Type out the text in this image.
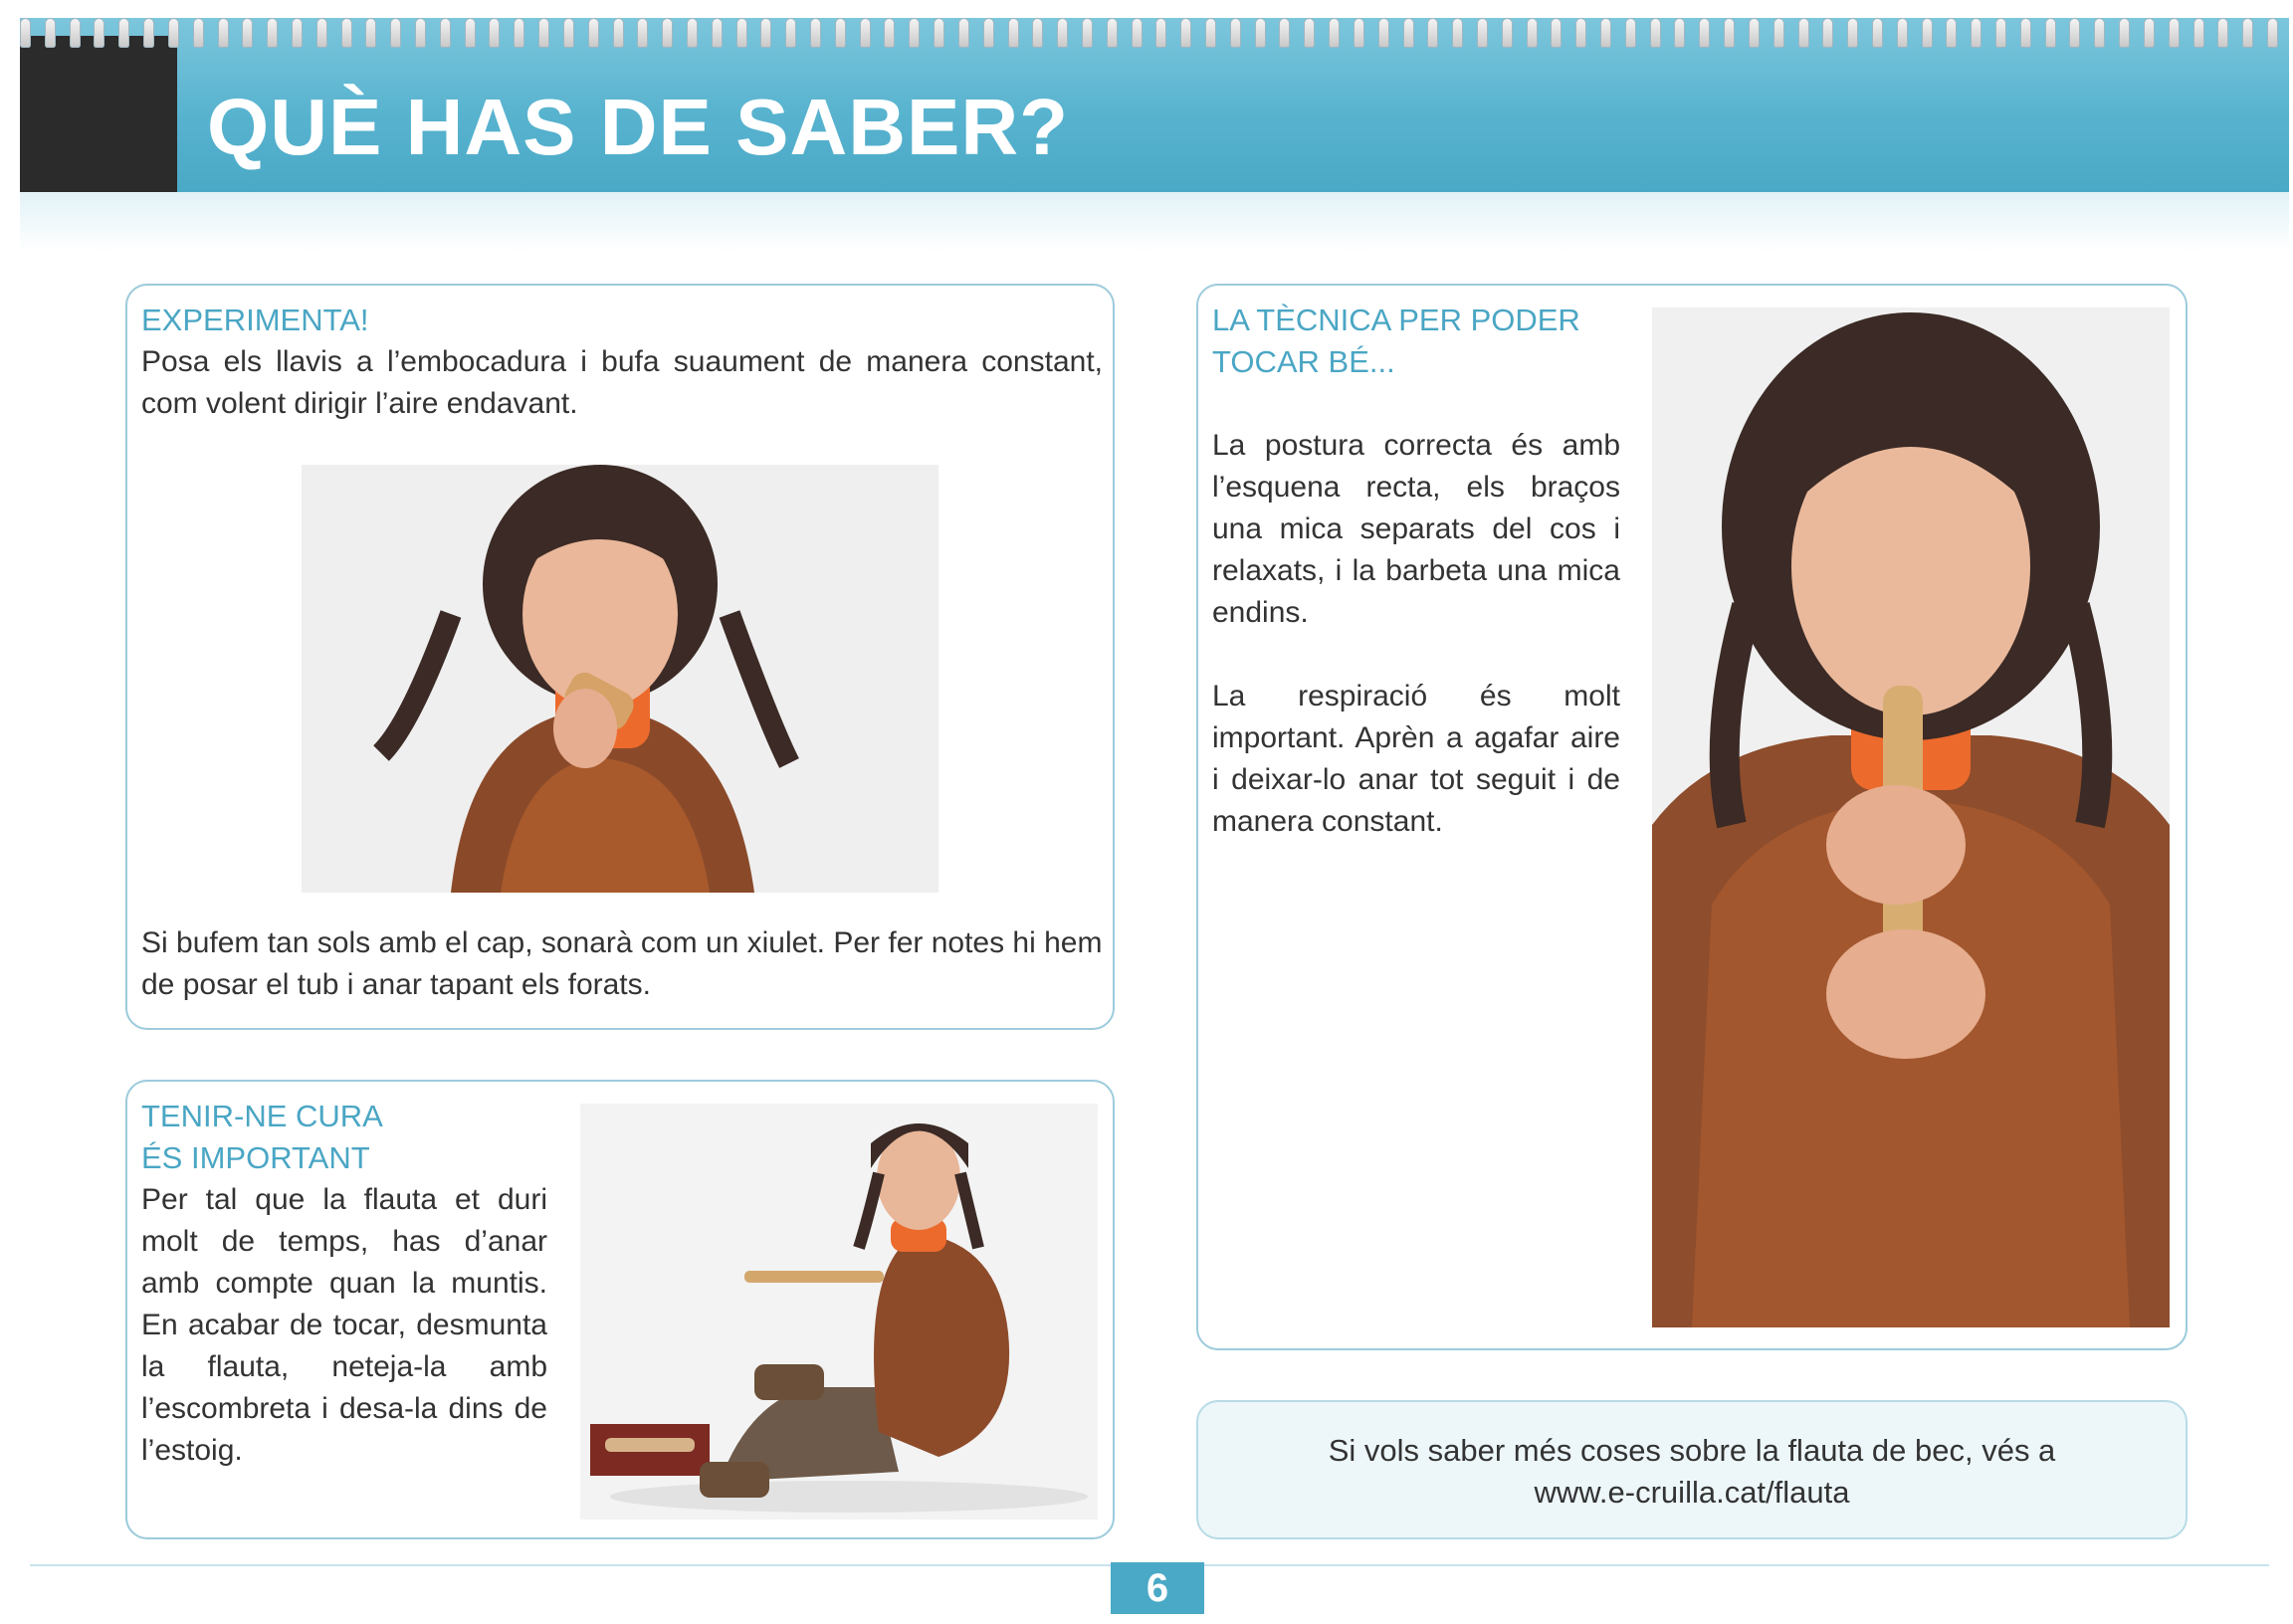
QUÈ HAS DE SABER?

EXPERIMENTA!

Posa els llavis a l’embocadura i bufa suaument de manera constant, com volent dirigir l’aire endavant.

Si bufem tan sols amb el cap, sonarà com un xiulet. Per fer notes hi hem de posar el tub i anar tapant els forats.

TENIR-NE CURA

ÉS IMPORTANT

Per tal que la flauta et duri molt de temps, has d’anar amb compte quan la muntis. En acabar de tocar, desmunta la flauta, neteja-la amb l’escombreta i desa-la dins de l’estoig.

LA TÈCNICA PER PODER

TOCAR BÉ...

La postura correcta és amb l’esquena recta, els braços una mica separats del cos i relaxats, i la barbeta una mica endins.

La respiració és molt important. Aprèn a agafar aire i deixar-lo anar tot seguit i de manera constant.

Si vols saber més coses sobre la flauta de bec, vés a

www.e-cruilla.cat/flauta

6
